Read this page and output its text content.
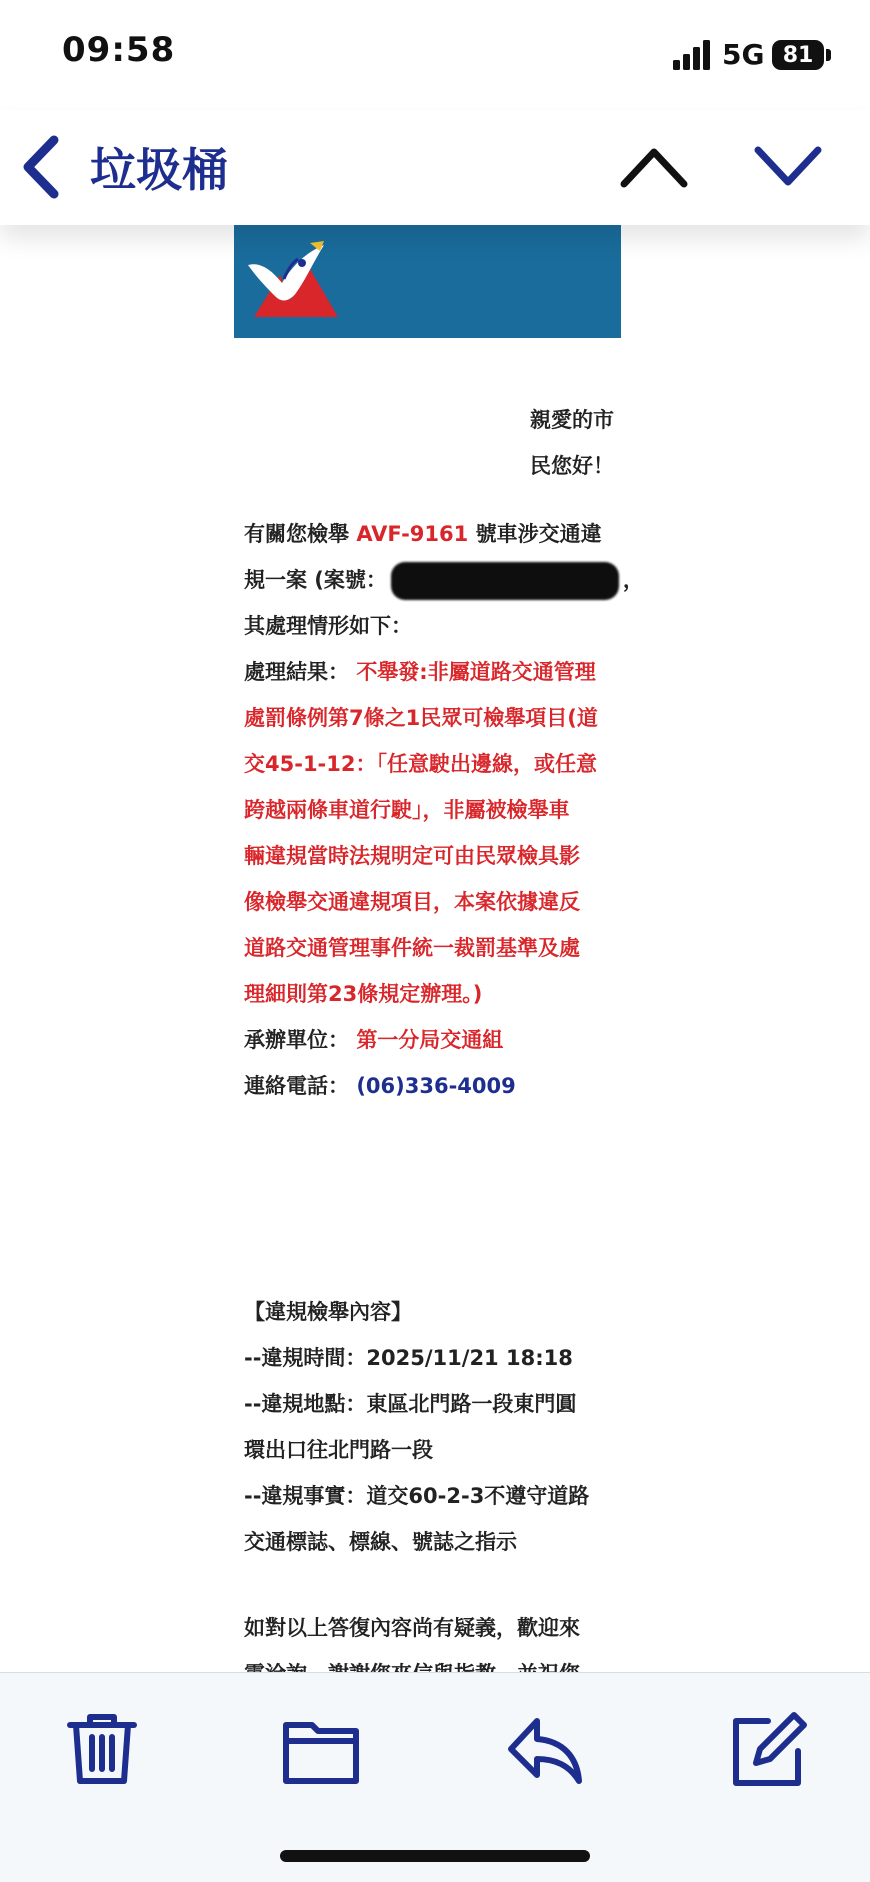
09:58	5G 81
垃圾桶
親愛的市
民您好！
有關您檢舉 AVF-9161 號車涉交通違
規一案 (案號：	，
其處理情形如下：
處理結果： 不舉發:非屬道路交通管理
處罰條例第7條之1民眾可檢舉項目(道
交45-1-12：「任意駛出邊線，或任意
跨越兩條車道行駛」，非屬被檢舉車
輛違規當時法規明定可由民眾檢具影
像檢舉交通違規項目，本案依據違反
道路交通管理事件統一裁罰基準及處
理細則第23條規定辦理。)
承辦單位： 第一分局交通組
連絡電話： (06)336-4009
【違規檢舉內容】
--違規時間：2025/11/21 18:18
--違規地點：東區北門路一段東門圓
環出口往北門路一段
--違規事實：道交60-2-3不遵守道路
交通標誌、標線、號誌之指示
如對以上答復內容尚有疑義，歡迎來
